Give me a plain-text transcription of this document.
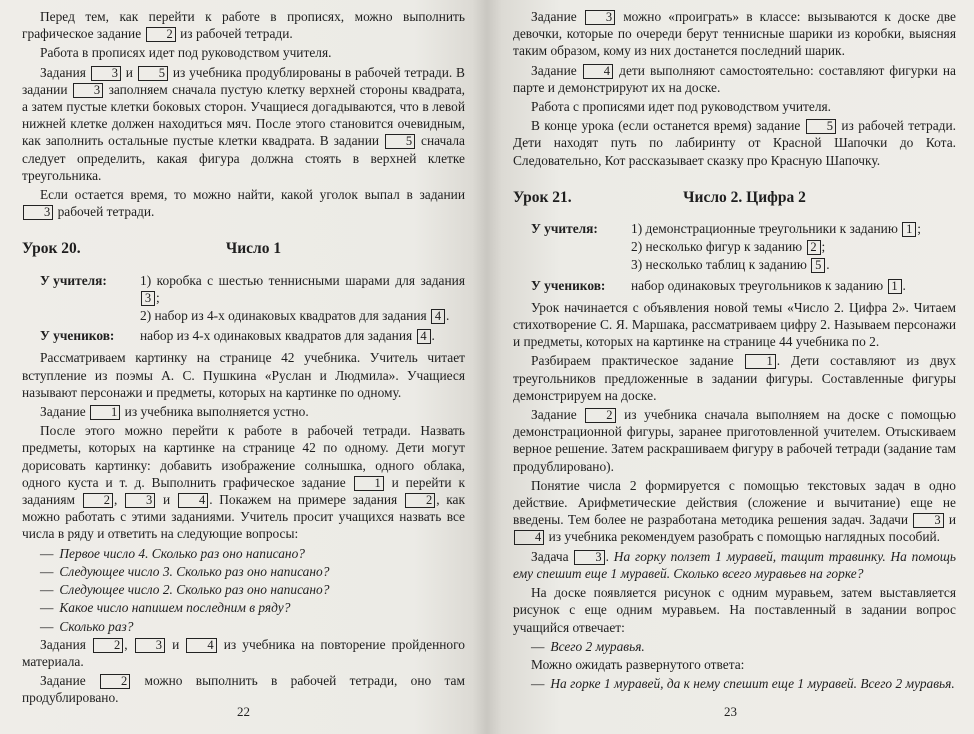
Перед тем, как перейти к работе в прописях, можно выполнить графическое задание 2 из рабочей тетради.

Работа в прописях идет под руководством учителя.

Задания 3 и 5 из учебника продублированы в рабочей тетради. В задании 3 заполняем сначала пустую клетку верхней стороны квадрата, а затем пустые клетки боковых сторон. Учащиеся догадываются, что в левой нижней клетке должен находиться мяч. После этого становится очевидным, как заполнить остальные пустые клетки квадрата. В задании 5 сначала следует определить, какая фигура должна стоять в верхней клетке треугольника.

Если остается время, то можно найти, какой уголок выпал в задании 3 рабочей тетради.

Урок 20.	Число 1
У учителя:	1) коробка с шестью теннисными шарами для задания 3 ;
2) набор из 4-х одинаковых квадратов для задания 4 .
У учеников:	набор из 4-х одинаковых квадратов для задания 4 .

Рассматриваем картинку на странице 42 учебника. Учитель читает вступление из поэмы А. С. Пушкина «Руслан и Людмила». Учащиеся называют персонажи и предметы, которых на картинке по одному.

Задание 1 из учебника выполняется устно.

После этого можно перейти к работе в рабочей тетради. Назвать предметы, которых на картинке на странице 42 по одному. Дети могут дорисовать картинку: добавить изображение солнышка, одного облака, одного куста и т. д. Выполнить графическое задание 1 и перейти к заданиям 2 , 3 и 4 . Покажем на примере задания 2 , как можно работать с этими заданиями. Учитель просит учащихся назвать все числа в ряду и ответить на следующие вопросы:

— Первое число 4. Сколько раз оно написано?
— Следующее число 3. Сколько раз оно написано?
— Следующее число 2. Сколько раз оно написано?
— Какое число напишем последним в ряду?
— Сколько раз?

Задания 2 , 3 и 4 из учебника на повторение пройденного материала.

Задание	2 можно выполнить в рабочей тетради, оно там продублировано.

22

Задание 3 можно «проиграть» в классе: вызываются к доске две девочки, которые по очереди берут теннисные шарики из коробки, выясняя таким образом, кому из них достанется последний шарик.

Задание 4 дети выполняют самостоятельно: составляют фигурки на парте и демонстрируют их на доске.

Работа с прописями идет под руководством учителя.

В конце урока (если останется время) задание 5 из рабочей тетради. Дети находят путь по лабиринту от Красной Шапочки до Кота. Следовательно, Кот рассказывает сказку про Красную Шапочку.

Урок 21.	Число 2. Цифра 2
У учителя:	1) демонстрационные треугольники к заданию 1 ;
2) несколько фигур к заданию 2 ;
3) несколько таблиц к заданию 5 .
У учеников:	набор одинаковых треугольников к заданию 1 .

Урок начинается с объявления новой темы «Число 2. Цифра 2». Читаем стихотворение С. Я. Маршака, рассматриваем цифру 2. Называем персонажи и предметы, которых на картинке на странице 44 учебника по 2.

Разбираем практическое задание	1 . Дети составляют из двух треугольников предложенные в задании фигуры. Составленные фигуры демонстрируем на доске.

Задание 2 из учебника сначала выполняем на доске с помощью демонстрационной фигуры, заранее приготовленной учителем. Отыскиваем верное решение. Затем раскрашиваем фигуру в рабочей тетради (задание там продублировано).

Понятие числа 2 формируется с помощью текстовых задач в одно действие. Арифметические действия (сложение и вычитание) еще не введены. Тем более не разработана методика решения задач. Задачи 3 и 4 из учебника рекомендуем разобрать с помощью наглядных пособий.

Задача 3 . На горку ползет 1 муравей, тащит травинку. На помощь ему спешит еще 1 муравей. Сколько всего муравьев на горке?

На доске появляется рисунок с одним муравьем, затем выставляется рисунок с еще одним муравьем. На поставленный в задании вопрос учащийся отвечает:

— Всего 2 муравья.

Можно ожидать развернутого ответа:

— На горке 1 муравей, да к нему спешит еще 1 муравей. Всего 2 муравья.
23
